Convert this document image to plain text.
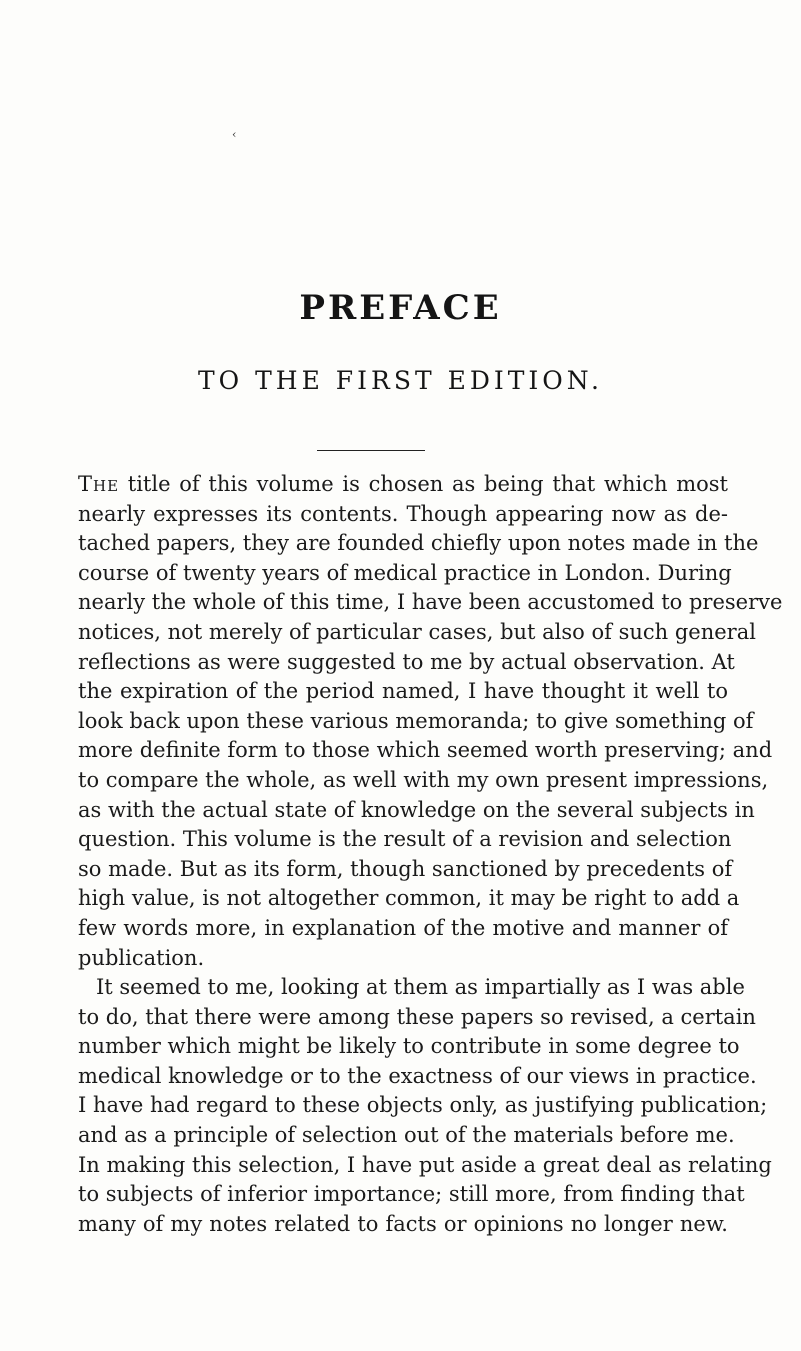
‹
PREFACE
TO THE FIRST EDITION.
The title of this volume is chosen as being that which most
nearly expresses its contents. Though appearing now as de-
tached papers, they are founded chiefly upon notes made in the
course of twenty years of medical practice in London. During
nearly the whole of this time, I have been accustomed to preserve
notices, not merely of particular cases, but also of such general
reflections as were suggested to me by actual observation. At
the expiration of the period named, I have thought it well to
look back upon these various memoranda; to give something of
more definite form to those which seemed worth preserving; and
to compare the whole, as well with my own present impressions,
as with the actual state of knowledge on the several subjects in
question. This volume is the result of a revision and selection
so made. But as its form, though sanctioned by precedents of
high value, is not altogether common, it may be right to add a
few words more, in explanation of the motive and manner of
publication.
It seemed to me, looking at them as impartially as I was able
to do, that there were among these papers so revised, a certain
number which might be likely to contribute in some degree to
medical knowledge or to the exactness of our views in practice.
I have had regard to these objects only, as justifying publication;
and as a principle of selection out of the materials before me.
In making this selection, I have put aside a great deal as relating
to subjects of inferior importance; still more, from finding that
many of my notes related to facts or opinions no longer new.
